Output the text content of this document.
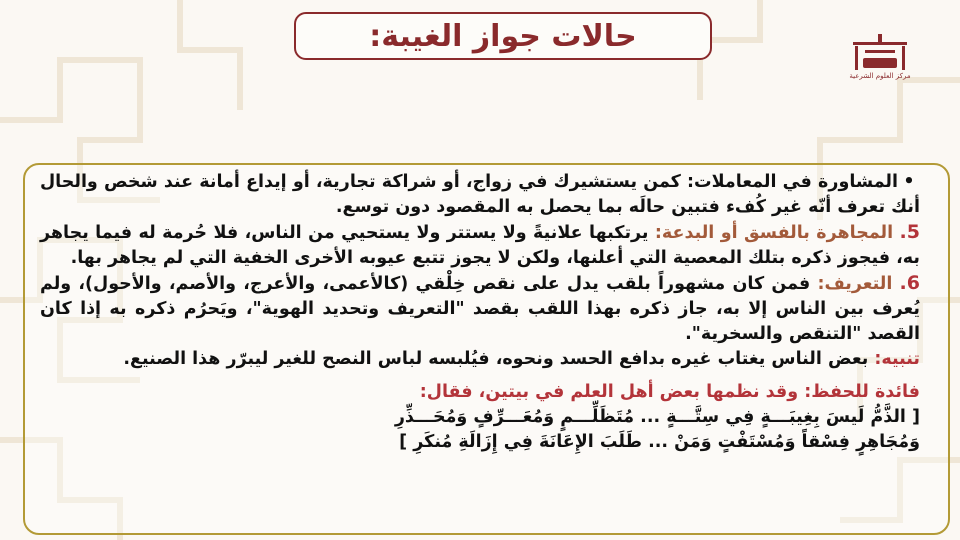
حالات جواز الغيبة:
مركز العلوم الشرعية

•المشاورة في المعاملات: كمن يستشيرك في زواج، أو شراكة تجارية، أو إيداع أمانة عند شخص والحال أنك تعرف أنّه غير كُفء فتبين حالَه بما يحصل به المقصود دون توسع.

5. المجاهرة بالفسق أو البدعة: يرتكبها علانيةً ولا يستتر ولا يستحيي من الناس، فلا حُرمة له فيما يجاهر به، فيجوز ذكره بتلك المعصية التي أعلنها، ولكن لا يجوز تتبع عيوبه الأخرى الخفية التي لم يجاهر بها.

6. التعريف: فمن كان مشهوراً بلقب يدل على نقص خِلْقي (كالأعمى، والأعرج، والأصم، والأحول)، ولم يُعرف بين الناس إلا به، جاز ذكره بهذا اللقب بقصد "التعريف وتحديد الهوية"، ويَحرُم ذكره به إذا كان القصد "التنقص والسخرية".

تنبيه: بعض الناس يغتاب غيره بدافع الحسد ونحوه، فيُلبسه لباس النصح للغير ليبرّر هذا الصنيع.

فائدة للحفظ: وقد نظمها بعض أهل العلم في بيتين، فقال:

[ الذَّمُّ لَيسَ بِغِيبَـــةٍ فِي سِتَّـــةٍ ... مُتَظَلِّـــمٍ وَمُعَـــرِّفٍ وَمُحَـــذِّرِ

وَمُجَاهِرٍ فِسْقاً وَمُسْتَفْتٍ وَمَنْ ... طَلَبَ الإِعَانَةَ فِي إِزَالَةِ مُنكَرِ ]
